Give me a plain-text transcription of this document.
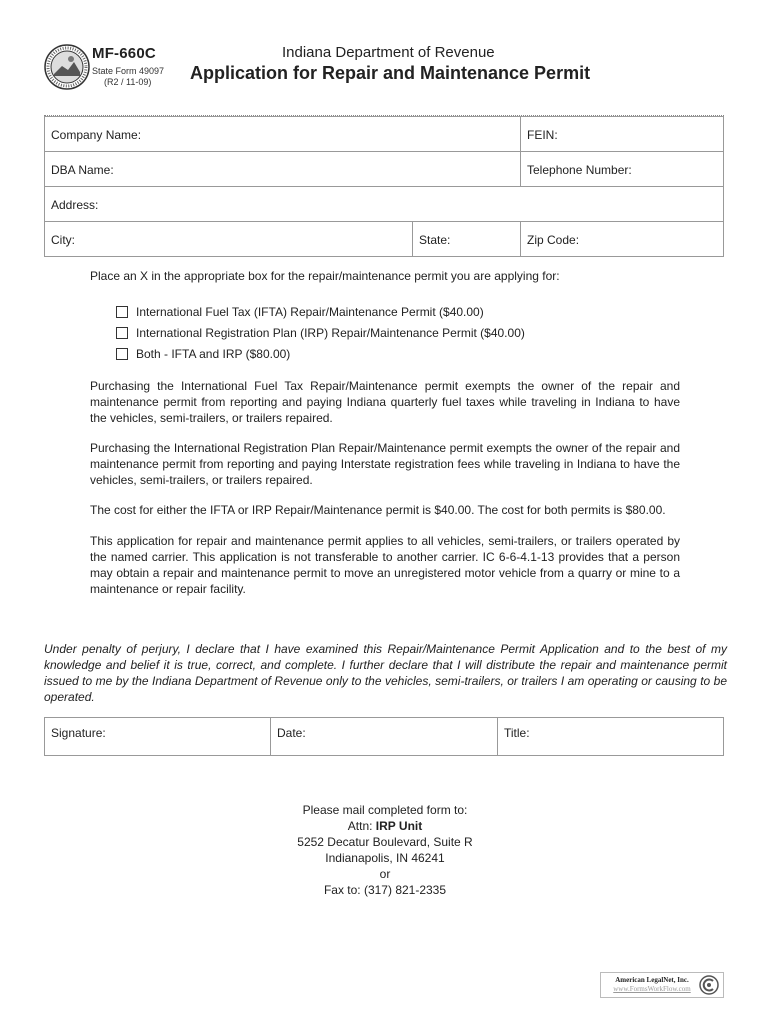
MF-660C
State Form 49097
(R2 / 11-09)
Indiana Department of Revenue
Application for Repair and Maintenance Permit
Company Name:	FEIN:
DBA Name:	Telephone Number:
Address:
City:	State:	Zip Code:
Place an X in the appropriate box for the repair/maintenance permit you are applying for:
International Fuel Tax (IFTA) Repair/Maintenance Permit ($40.00)
International Registration Plan (IRP) Repair/Maintenance Permit ($40.00)
Both - IFTA and IRP ($80.00)

Purchasing the International Fuel Tax Repair/Maintenance permit exempts the owner of the repair and maintenance permit from reporting and paying Indiana quarterly fuel taxes while traveling in Indiana to have the vehicles, semi-trailers, or trailers repaired.

Purchasing the International Registration Plan Repair/Maintenance permit exempts the owner of the repair and maintenance permit from reporting and paying Interstate registration fees while traveling in Indiana to have the vehicles, semi-trailers, or trailers repaired.

The cost for either the IFTA or IRP Repair/Maintenance permit is $40.00. The cost for both permits is $80.00.

This application for repair and maintenance permit applies to all vehicles, semi-trailers, or trailers operated by the named carrier. This application is not transferable to another carrier. IC 6-6-4.1-13 provides that a person may obtain a repair and maintenance permit to move an unregistered motor vehicle from a quarry or mine to a maintenance or repair facility.

Under penalty of perjury, I declare that I have examined this Repair/Maintenance Permit Application and to the best of my knowledge and belief it is true, correct, and complete. I further declare that I will distribute the repair and maintenance permit issued to me by the Indiana Department of Revenue only to the vehicles, semi-trailers, or trailers I am operating or causing to be operated.

Signature:	Date:	Title:
Please mail completed form to:
Attn: IRP Unit
5252 Decatur Boulevard, Suite R
Indianapolis, IN 46241
or
Fax to: (317) 821-2335
American LegalNet, Inc.
www.FormsWorkFlow.com
